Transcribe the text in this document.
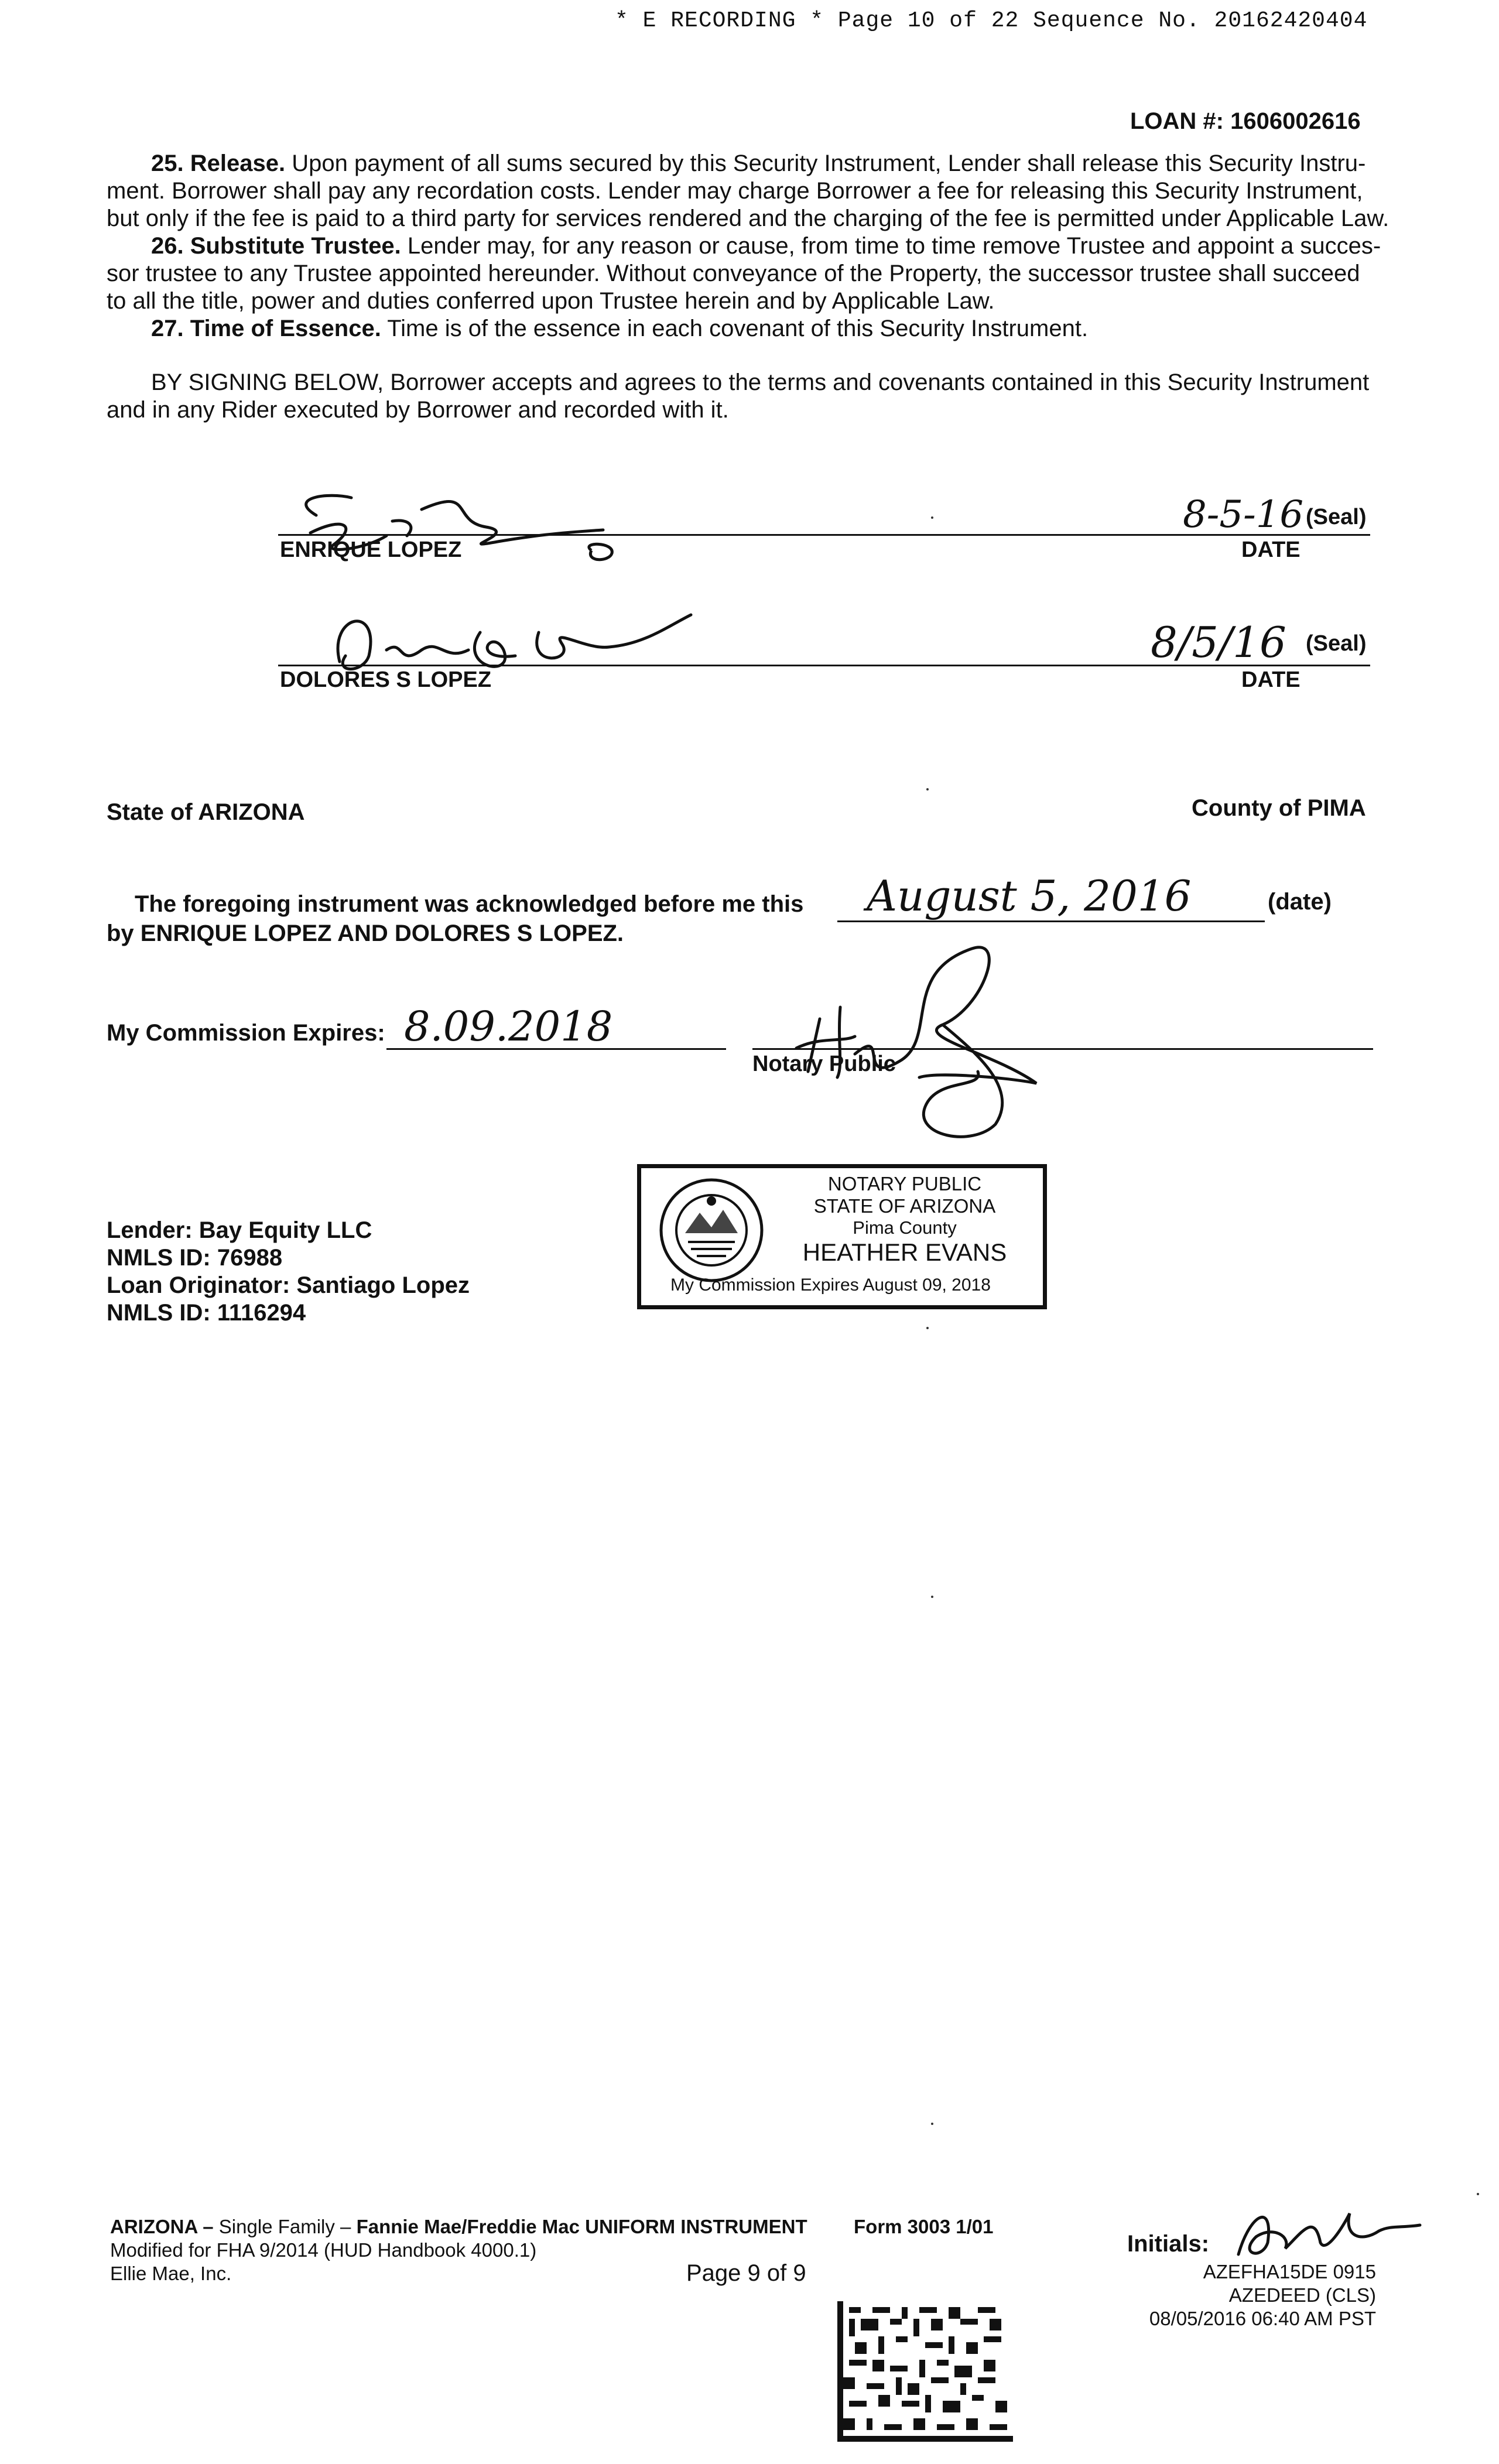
* E RECORDING * Page 10 of 22 Sequence No. 20162420404
LOAN #: 1606002616
25. Release. Upon payment of all sums secured by this Security Instrument, Lender shall release this Security Instru-
ment. Borrower shall pay any recordation costs. Lender may charge Borrower a fee for releasing this Security Instrument,
but only if the fee is paid to a third party for services rendered and the charging of the fee is permitted under Applicable Law.
26. Substitute Trustee. Lender may, for any reason or cause, from time to time remove Trustee and appoint a succes-
sor trustee to any Trustee appointed hereunder. Without conveyance of the Property, the successor trustee shall succeed
to all the title, power and duties conferred upon Trustee herein and by Applicable Law.
27. Time of Essence. Time is of the essence in each covenant of this Security Instrument.
BY SIGNING BELOW, Borrower accepts and agrees to the terms and covenants contained in this Security Instrument
and in any Rider executed by Borrower and recorded with it.
ENRIQUE LOPEZ
8-5-16 (Seal)
DATE
DOLORES S LOPEZ
8/5/16 (Seal)
DATE
State of ARIZONA	County of PIMA
The foregoing instrument was acknowledged before me this August 5, 2016	(date)
by ENRIQUE LOPEZ AND DOLORES S LOPEZ.
My Commission Expires: 8.09.2018
Notary Public
Lender: Bay Equity LLC
NMLS ID: 76988
Loan Originator: Santiago Lopez
NMLS ID: 1116294
NOTARY PUBLIC
STATE OF ARIZONA
Pima County
HEATHER EVANS
My Commission Expires August 09, 2018
ARIZONA – Single Family – Fannie Mae/Freddie Mac UNIFORM INSTRUMENT Form 3003 1/01
Modified for FHA 9/2014 (HUD Handbook 4000.1)
Ellie Mae, Inc.	Page 9 of 9
Initials:
AZEFHA15DE 0915
AZEDEED (CLS)
08/05/2016 06:40 AM PST
